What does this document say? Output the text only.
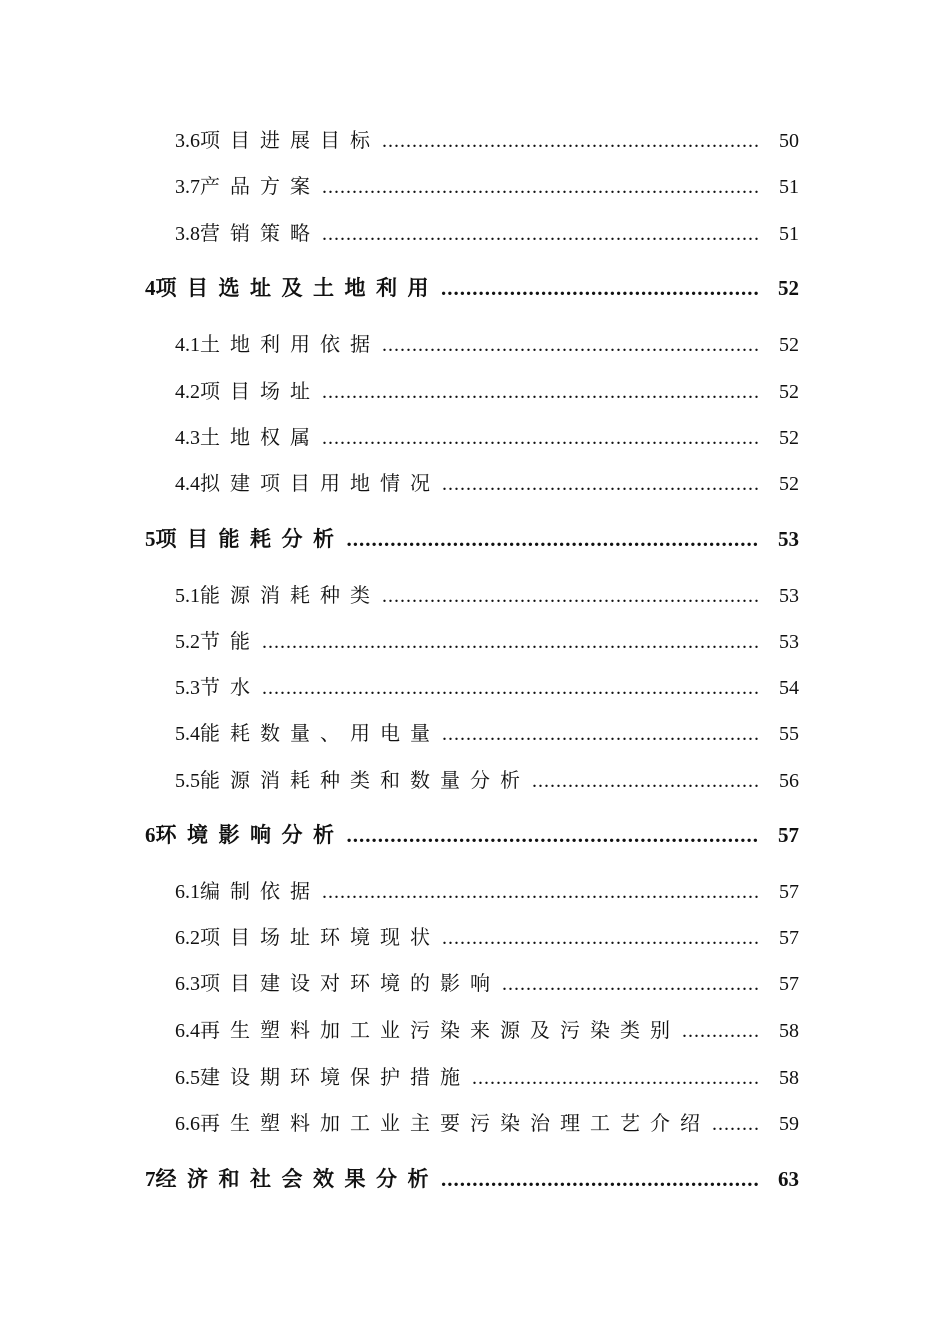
3.6 项目进展目标 .....	50
3.7 产品方案 .....	51
3.8 营销策略 .....	51
4 项目选址及土地利用 .....	52
4.1 土地利用依据 .....	52
4.2 项目场址 .....	52
4.3 土地权属 .....	52
4.4 拟建项目用地情况 .....	52
5 项目能耗分析 .....	53
5.1 能源消耗种类 .....	53
5.2 节能 .....	53
5.3 节水 .....	54
5.4 能耗数量、用电量 .....	55
5.5 能源消耗种类和数量分析 .....	56
6 环境影响分析 .....	57
6.1 编制依据 .....	57
6.2 项目场址环境现状 .....	57
6.3 项目建设对环境的影响 .....	57
6.4 再生塑料加工业污染来源及污染类别 .....	58
6.5 建设期环境保护措施 .....	58
6.6 再生塑料加工业主要污染治理工艺介绍 .....	59
7 经济和社会效果分析 .....	63
